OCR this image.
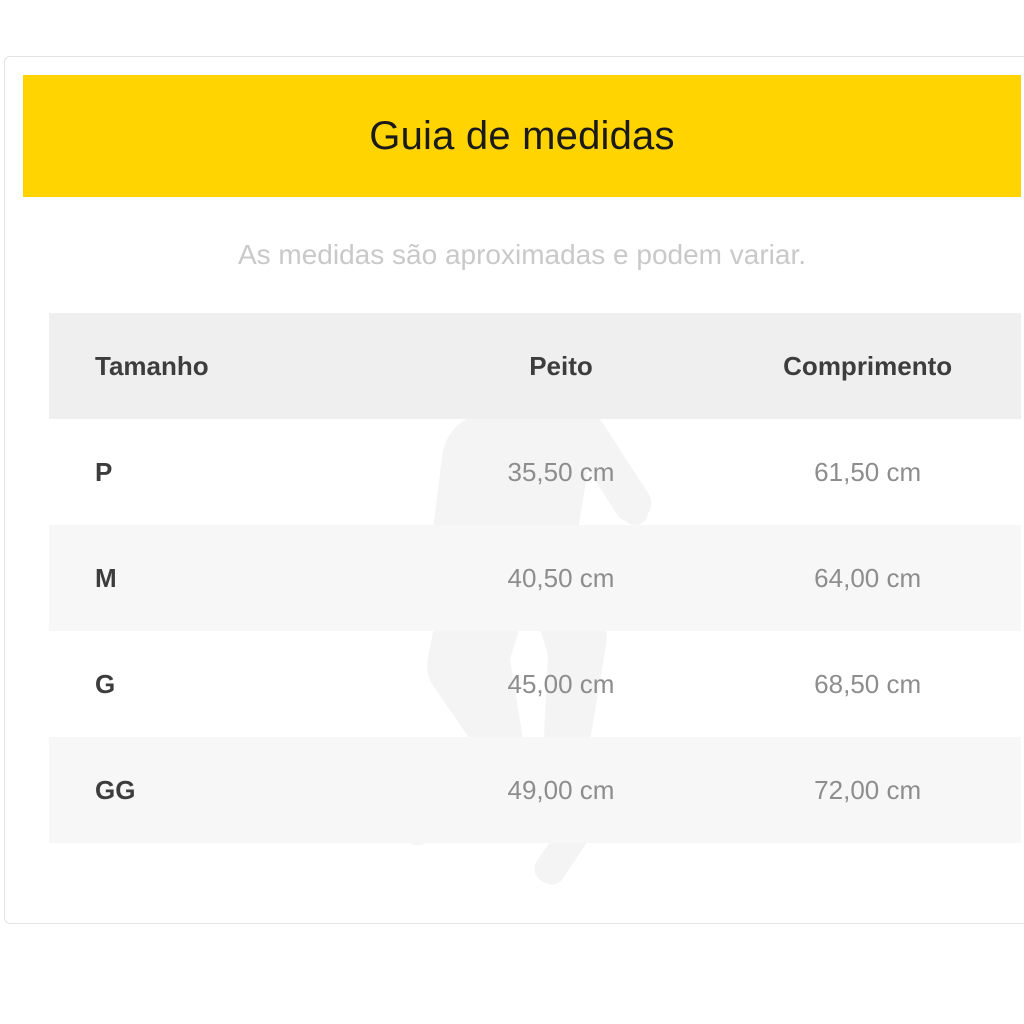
Guia de medidas
As medidas são aproximadas e podem variar.
Tamanho	Peito	Comprimento
P	35,50 cm	61,50 cm
M	40,50 cm	64,00 cm
G	45,00 cm	68,50 cm
GG	49,00 cm	72,00 cm
